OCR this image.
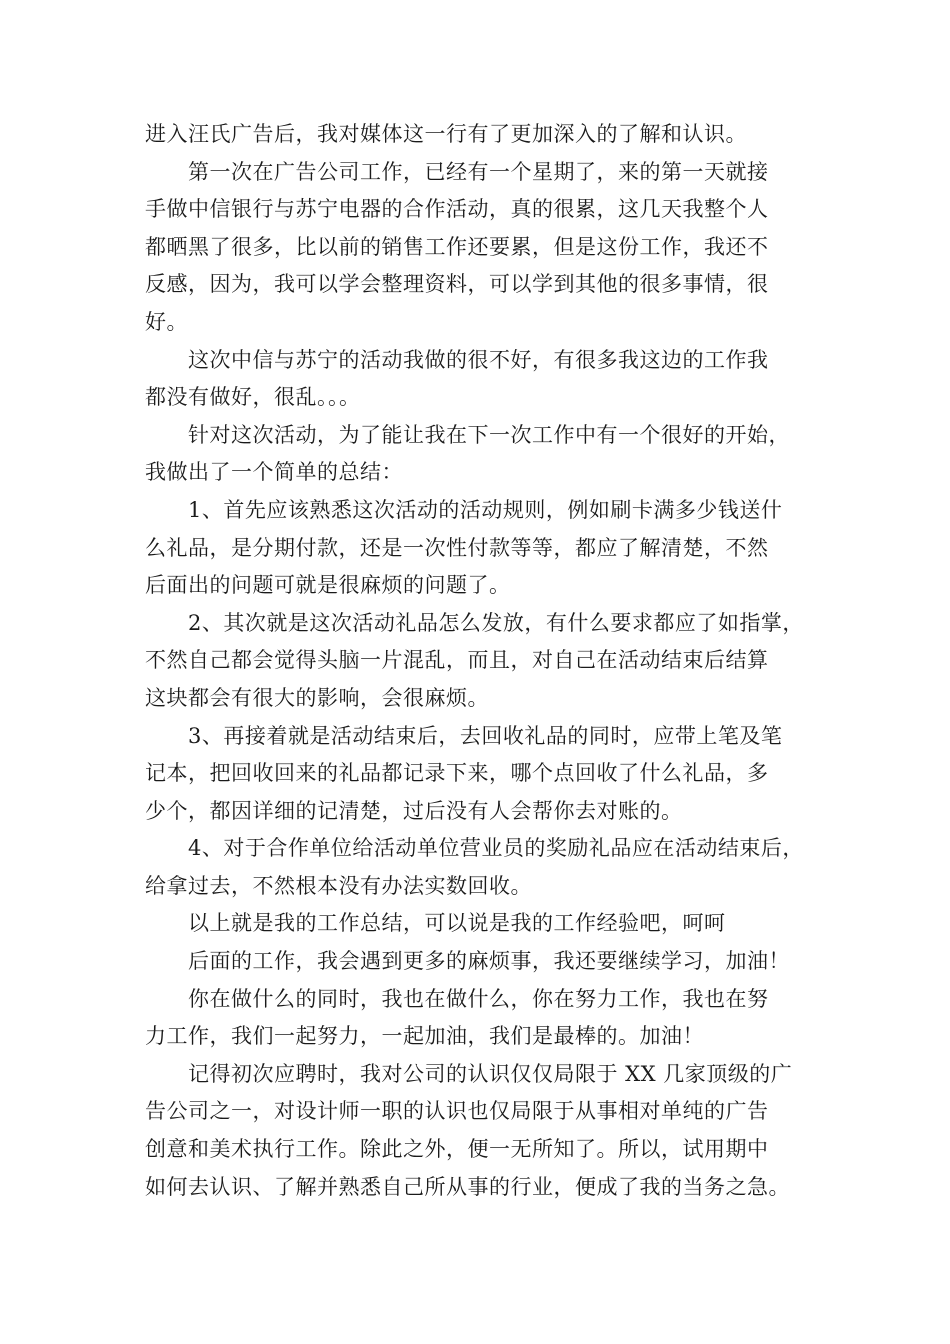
进入汪氏广告后，我对媒体这一行有了更加深入的了解和认识。
第一次在广告公司工作，已经有一个星期了，来的第一天就接
手做中信银行与苏宁电器的合作活动，真的很累，这几天我整个人
都晒黑了很多，比以前的销售工作还要累，但是这份工作，我还不
反感，因为，我可以学会整理资料，可以学到其他的很多事情，很
好。
这次中信与苏宁的活动我做的很不好，有很多我这边的工作我
都没有做好，很乱。。。
针对这次活动，为了能让我在下一次工作中有一个很好的开始，
我做出了一个简单的总结：
1、首先应该熟悉这次活动的活动规则，例如刷卡满多少钱送什
么礼品，是分期付款，还是一次性付款等等，都应了解清楚，不然
后面出的问题可就是很麻烦的问题了。
2、其次就是这次活动礼品怎么发放，有什么要求都应了如指掌，
不然自己都会觉得头脑一片混乱，而且，对自己在活动结束后结算
这块都会有很大的影响，会很麻烦。
3、再接着就是活动结束后，去回收礼品的同时，应带上笔及笔
记本，把回收回来的礼品都记录下来，哪个点回收了什么礼品，多
少个，都因详细的记清楚，过后没有人会帮你去对账的。
4、对于合作单位给活动单位营业员的奖励礼品应在活动结束后，
给拿过去，不然根本没有办法实数回收。
以上就是我的工作总结，可以说是我的工作经验吧，呵呵
后面的工作，我会遇到更多的麻烦事，我还要继续学习，加油！
你在做什么的同时，我也在做什么，你在努力工作，我也在努
力工作，我们一起努力，一起加油，我们是最棒的。加油！
记得初次应聘时，我对公司的认识仅仅局限于 XX 几家顶级的广
告公司之一，对设计师一职的认识也仅局限于从事相对单纯的广告
创意和美术执行工作。除此之外，便一无所知了。所以，试用期中
如何去认识、了解并熟悉自己所从事的行业，便成了我的当务之急。
